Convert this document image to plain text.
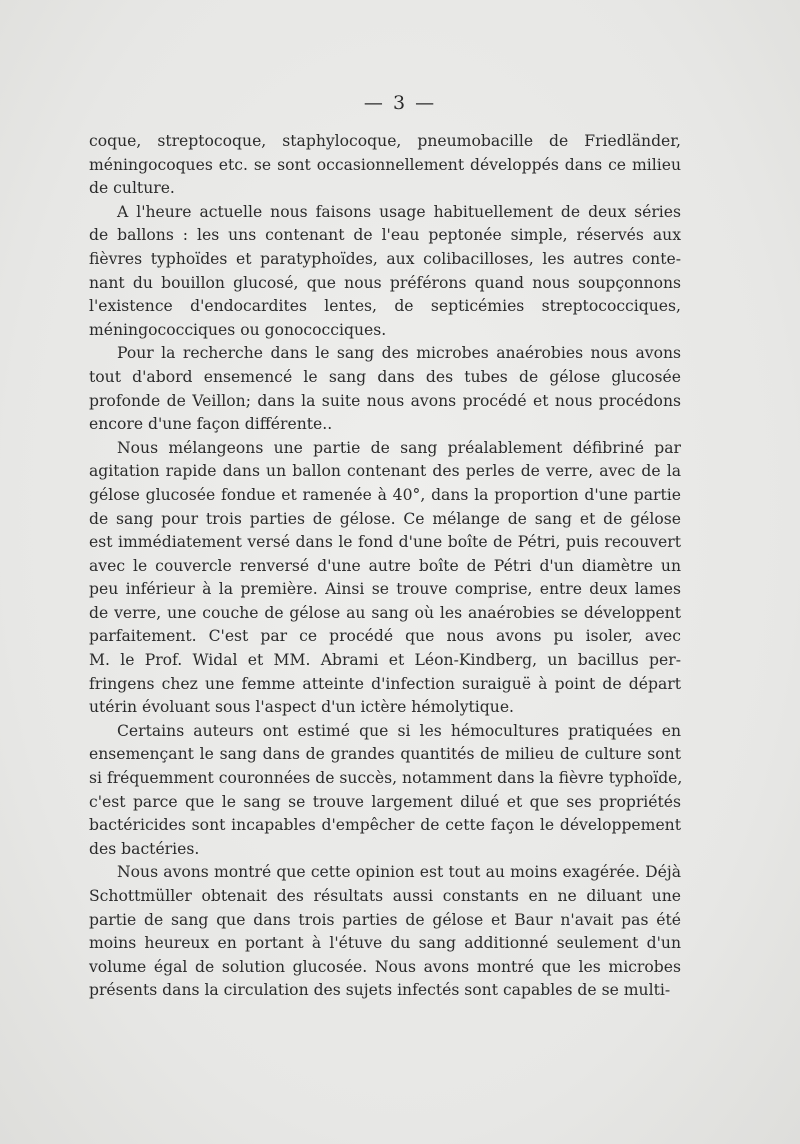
— 3 —
coque, streptocoque, staphylocoque, pneumobacille de Friedländer,
méningocoques etc. se sont occasionnellement développés dans ce milieu
de culture.
A l'heure actuelle nous faisons usage habituellement de deux séries
de ballons : les uns contenant de l'eau peptonée simple, réservés aux
fièvres typhoïdes et paratyphoïdes, aux colibacilloses, les autres conte-
nant du bouillon glucosé, que nous préférons quand nous soupçonnons
l'existence d'endocardites lentes, de septicémies streptococciques,
méningococciques ou gonococciques.
Pour la recherche dans le sang des microbes anaérobies nous avons
tout d'abord ensemencé le sang dans des tubes de gélose glucosée
profonde de Veillon; dans la suite nous avons procédé et nous procédons
encore d'une façon différente..
Nous mélangeons une partie de sang préalablement défibriné par
agitation rapide dans un ballon contenant des perles de verre, avec de la
gélose glucosée fondue et ramenée à 40°, dans la proportion d'une partie
de sang pour trois parties de gélose. Ce mélange de sang et de gélose
est immédiatement versé dans le fond d'une boîte de Pétri, puis recouvert
avec le couvercle renversé d'une autre boîte de Pétri d'un diamètre un
peu inférieur à la première. Ainsi se trouve comprise, entre deux lames
de verre, une couche de gélose au sang où les anaérobies se développent
parfaitement. C'est par ce procédé que nous avons pu isoler, avec
M. le Prof. Widal et MM. Abrami et Léon-Kindberg, un bacillus per-
fringens chez une femme atteinte d'infection suraiguë à point de départ
utérin évoluant sous l'aspect d'un ictère hémolytique.
Certains auteurs ont estimé que si les hémocultures pratiquées en
ensemençant le sang dans de grandes quantités de milieu de culture sont
si fréquemment couronnées de succès, notamment dans la fièvre typhoïde,
c'est parce que le sang se trouve largement dilué et que ses propriétés
bactéricides sont incapables d'empêcher de cette façon le développement
des bactéries.
Nous avons montré que cette opinion est tout au moins exagérée. Déjà
Schottmüller obtenait des résultats aussi constants en ne diluant une
partie de sang que dans trois parties de gélose et Baur n'avait pas été
moins heureux en portant à l'étuve du sang additionné seulement d'un
volume égal de solution glucosée. Nous avons montré que les microbes
présents dans la circulation des sujets infectés sont capables de se multi-
